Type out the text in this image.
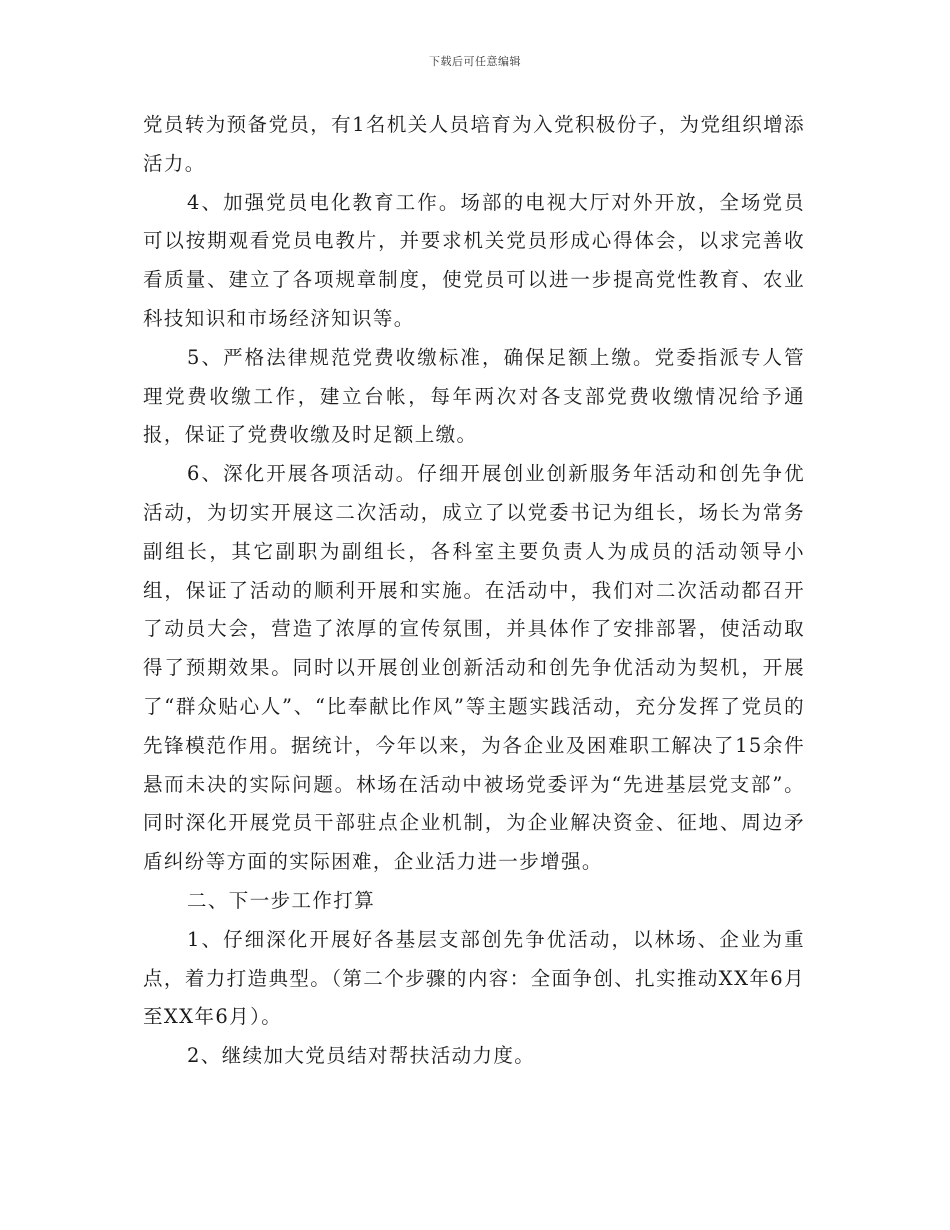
下载后可任意编辑

党员转为预备党员，有1名机关人员培育为入党积极份子，为党组织增添活力。

4、加强党员电化教育工作。场部的电视大厅对外开放，全场党员可以按期观看党员电教片，并要求机关党员形成心得体会，以求完善收看质量、建立了各项规章制度，使党员可以进一步提高党性教育、农业科技知识和市场经济知识等。

5、严格法律规范党费收缴标准，确保足额上缴。党委指派专人管理党费收缴工作，建立台帐，每年两次对各支部党费收缴情况给予通报，保证了党费收缴及时足额上缴。

6、深化开展各项活动。仔细开展创业创新服务年活动和创先争优活动，为切实开展这二次活动，成立了以党委书记为组长，场长为常务副组长，其它副职为副组长，各科室主要负责人为成员的活动领导小组，保证了活动的顺利开展和实施。在活动中，我们对二次活动都召开了动员大会，营造了浓厚的宣传氛围，并具体作了安排部署，使活动取得了预期效果。同时以开展创业创新活动和创先争优活动为契机，开展了“群众贴心人”、“比奉献比作风”等主题实践活动，充分发挥了党员的先锋模范作用。据统计，今年以来，为各企业及困难职工解决了15余件悬而未决的实际问题。林场在活动中被场党委评为“先进基层党支部”。同时深化开展党员干部驻点企业机制，为企业解决资金、征地、周边矛盾纠纷等方面的实际困难，企业活力进一步增强。

二、下一步工作打算

1、仔细深化开展好各基层支部创先争优活动，以林场、企业为重点，着力打造典型。（第二个步骤的内容：全面争创、扎实推动XX年6月至XX年6月）。

2、继续加大党员结对帮扶活动力度。
